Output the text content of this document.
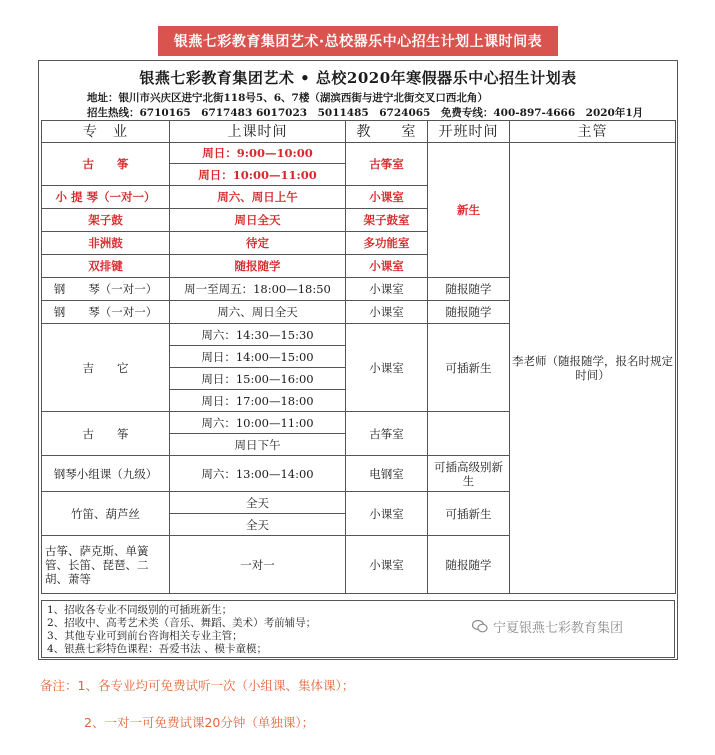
银燕七彩教育集团艺术·总校器乐中心招生计划上课时间表
银燕七彩教育集团艺术 • 总校2020年寒假器乐中心招生计划表
地址：银川市兴庆区进宁北街118号5、6、7楼（湖滨西街与进宁北街交叉口西北角）
招生热线：6710165　6717483 6017023　5011485　6724065　免费专线：400-897-4666　2020年1月
专　业	上课时间	教　　室	开班时间	主管
古　　筝	周日：9:00—10:00	古筝室	新生	李老师（随报随学，报名时规定时间）
	周日：10:00—11:00			
小 提 琴（一对一）	周六、周日上午	小课室		
架子鼓	周日全天	架子鼓室		
非洲鼓	待定	多功能室		
双排键	随报随学	小课室		
钢　　琴（一对一）	周一至周五：18:00—18:50	小课室	随报随学	
钢　　琴（一对一）	周六、周日全天	小课室	随报随学	
吉　　它	周六：14:30—15:30	小课室	可插新生	
	周日：14:00—15:00			
	周日：15:00—16:00			
	周日：17:00—18:00			
古　　筝	周六：10:00—11:00	古筝室		
	周日下午			
钢琴小组课（九级）	周六：13:00—14:00	电钢室	可插高级别新生	
竹笛、葫芦丝	全天	小课室	可插新生	
	全天			
古筝、萨克斯、单簧管、长笛、琵琶、二胡、萧等	一对一	小课室	随报随学	
1、招收各专业不同级别的可插班新生；
2、招收中、高考艺术类（音乐、舞蹈、美术）考前辅导；
3、其他专业可到前台咨询相关专业主管；
4、银燕七彩特色课程：吾爱书法 、模卡童模；
宁夏银燕七彩教育集团
备注：1、各专业均可免费试听一次（小组课、集体课）；
2、一对一可免费试课20分钟（单独课）；
